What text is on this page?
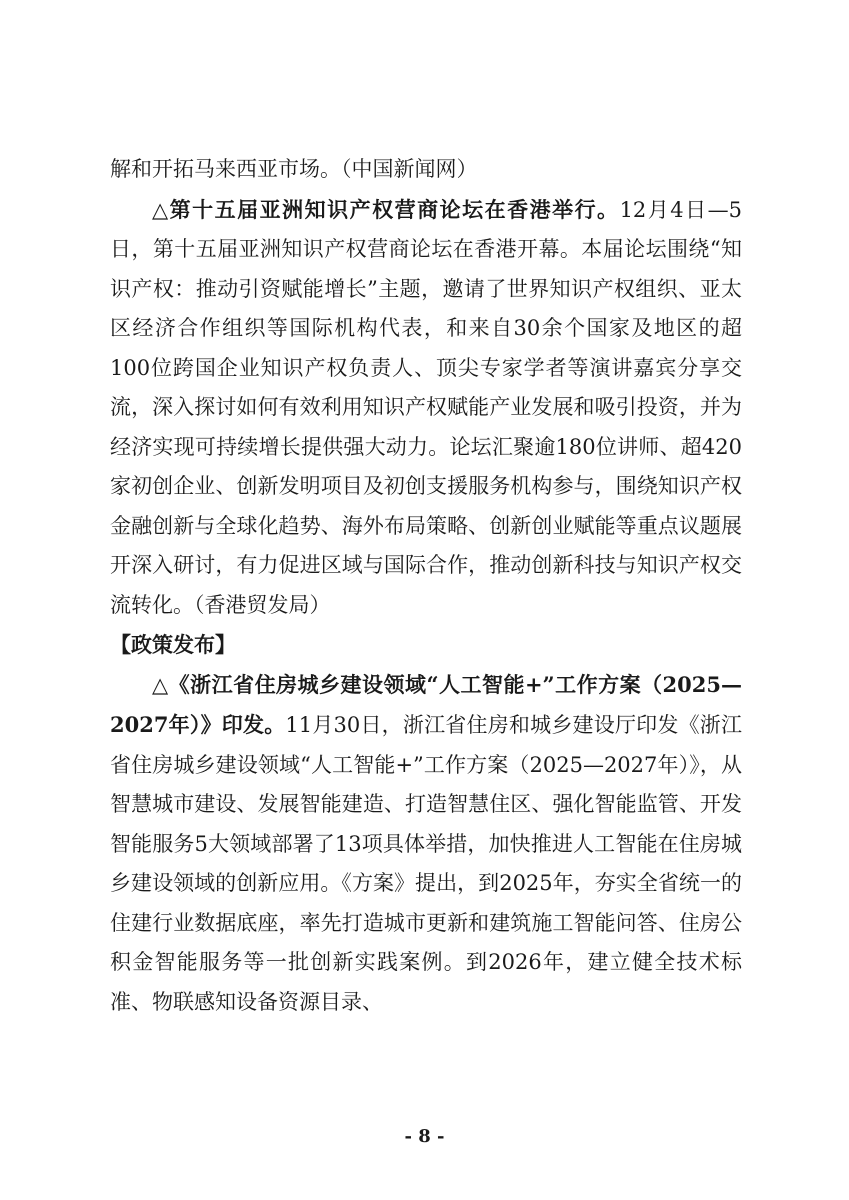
解和开拓马来西亚市场。（中国新闻网）

△第十五届亚洲知识产权营商论坛在香港举行。12月4日—5日，第十五届亚洲知识产权营商论坛在香港开幕。本届论坛围绕“知识产权：推动引资赋能增长”主题，邀请了世界知识产权组织、亚太区经济合作组织等国际机构代表，和来自30余个国家及地区的超100位跨国企业知识产权负责人、顶尖专家学者等演讲嘉宾分享交流，深入探讨如何有效利用知识产权赋能产业发展和吸引投资，并为经济实现可持续增长提供强大动力。论坛汇聚逾180位讲师、超420家初创企业、创新发明项目及初创支援服务机构参与，围绕知识产权金融创新与全球化趋势、海外布局策略、创新创业赋能等重点议题展开深入研讨，有力促进区域与国际合作，推动创新科技与知识产权交流转化。（香港贸发局）

【政策发布】

△《浙江省住房城乡建设领域“人工智能+”工作方案（2025—2027年）》印发。11月30日，浙江省住房和城乡建设厅印发《浙江省住房城乡建设领域“人工智能+”工作方案（2025—2027年）》，从智慧城市建设、发展智能建造、打造智慧住区、强化智能监管、开发智能服务5大领域部署了13项具体举措，加快推进人工智能在住房城乡建设领域的创新应用。《方案》提出，到2025年，夯实全省统一的住建行业数据底座，率先打造城市更新和建筑施工智能问答、住房公积金智能服务等一批创新实践案例。到2026年，建立健全技术标准、物联感知设备资源目录、

- 8 -
